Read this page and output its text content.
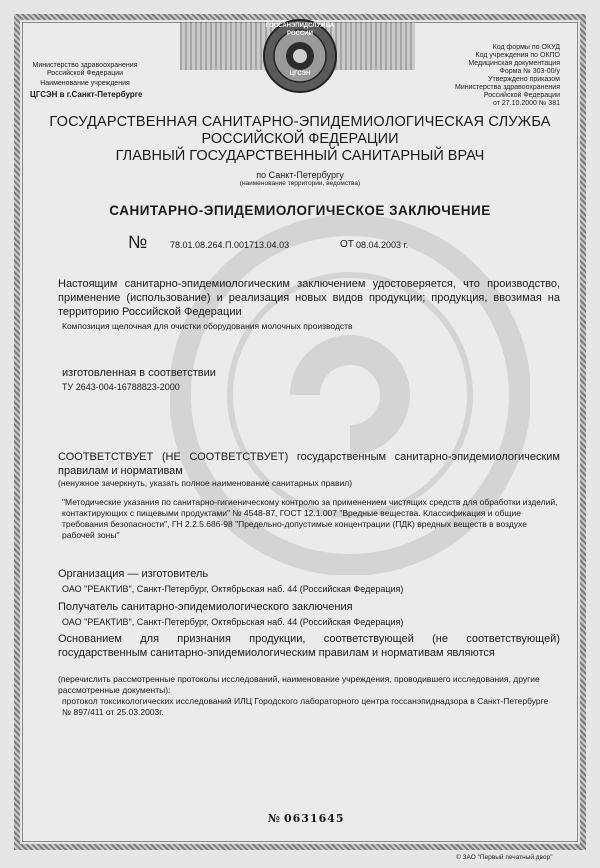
ГОССАНЭПИДСЛУЖБА РОССИИ
ЦГСЭН
Министерство здравоохранения
Российской Федерации
Наименование учреждения
ЦГСЭН в г.Санкт-Петербурге
Код формы по ОКУД
Код учреждения по ОКПО
Медицинская документация
Форма № 303-00/у
Утверждено приказом
Министерства здравоохранения
Российской Федерации
от 27.10.2000 № 381
ГОСУДАРСТВЕННАЯ САНИТАРНО-ЭПИДЕМИОЛОГИЧЕСКАЯ СЛУЖБА
РОССИЙСКОЙ ФЕДЕРАЦИИ
ГЛАВНЫЙ ГОСУДАРСТВЕННЫЙ САНИТАРНЫЙ ВРАЧ
по Санкт-Петербургу
(наименование территории, ведомства)
САНИТАРНО-ЭПИДЕМИОЛОГИЧЕСКОЕ ЗАКЛЮЧЕНИЕ
№	78.01.08.264.П.001713.04.03	ОТ 08.04.2003 г.
Настоящим санитарно-эпидемиологическим заключением удостоверяется, что производство, применение (использование) и реализация новых видов продукции; продукция, ввозимая на территорию Российской Федерации
Композиция щелочная для очистки оборудования молочных производств
изготовленная в соответствии
ТУ 2643-004-16788823-2000
СООТВЕТСТВУЕТ (НЕ СООТВЕТСТВУЕТ) государственным санитарно-эпидемиологическим правилам и нормативам
(ненужное зачеркнуть, указать полное наименование санитарных правил)
"Методические указания по санитарно-гигиеническому контролю за применением чистящих средств для обработки изделий, контактирующих с пищевыми продуктами" № 4548-87, ГОСТ 12.1.007 "Вредные вещества. Классификация и общие требования безопасности", ГН 2.2.5.686-98 "Предельно-допустимые концентрации (ПДК) вредных веществ в воздухе рабочей зоны"
Организация — изготовитель
ОАО "РЕАКТИВ", Санкт-Петербург, Октябрьская наб. 44 (Российская Федерация)
Получатель санитарно-эпидемиологического заключения
ОАО "РЕАКТИВ", Санкт-Петербург, Октябрьская наб. 44 (Российская Федерация)
Основанием для признания продукции, соответствующей (не соответствующей) государственным санитарно-эпидемиологическим правилам и нормативам являются
(перечислить рассмотренные протоколы исследований, наименование учреждения, проводившего исследования, другие рассмотренные документы):
протокол токсикологических исследований ИЛЦ Городского лабораторного центра госсанэпиднадзора в Санкт-Петербурге № 897/411 от 25.03.2003г.
№ 0631645
© ЗАО "Первый печатный двор"
